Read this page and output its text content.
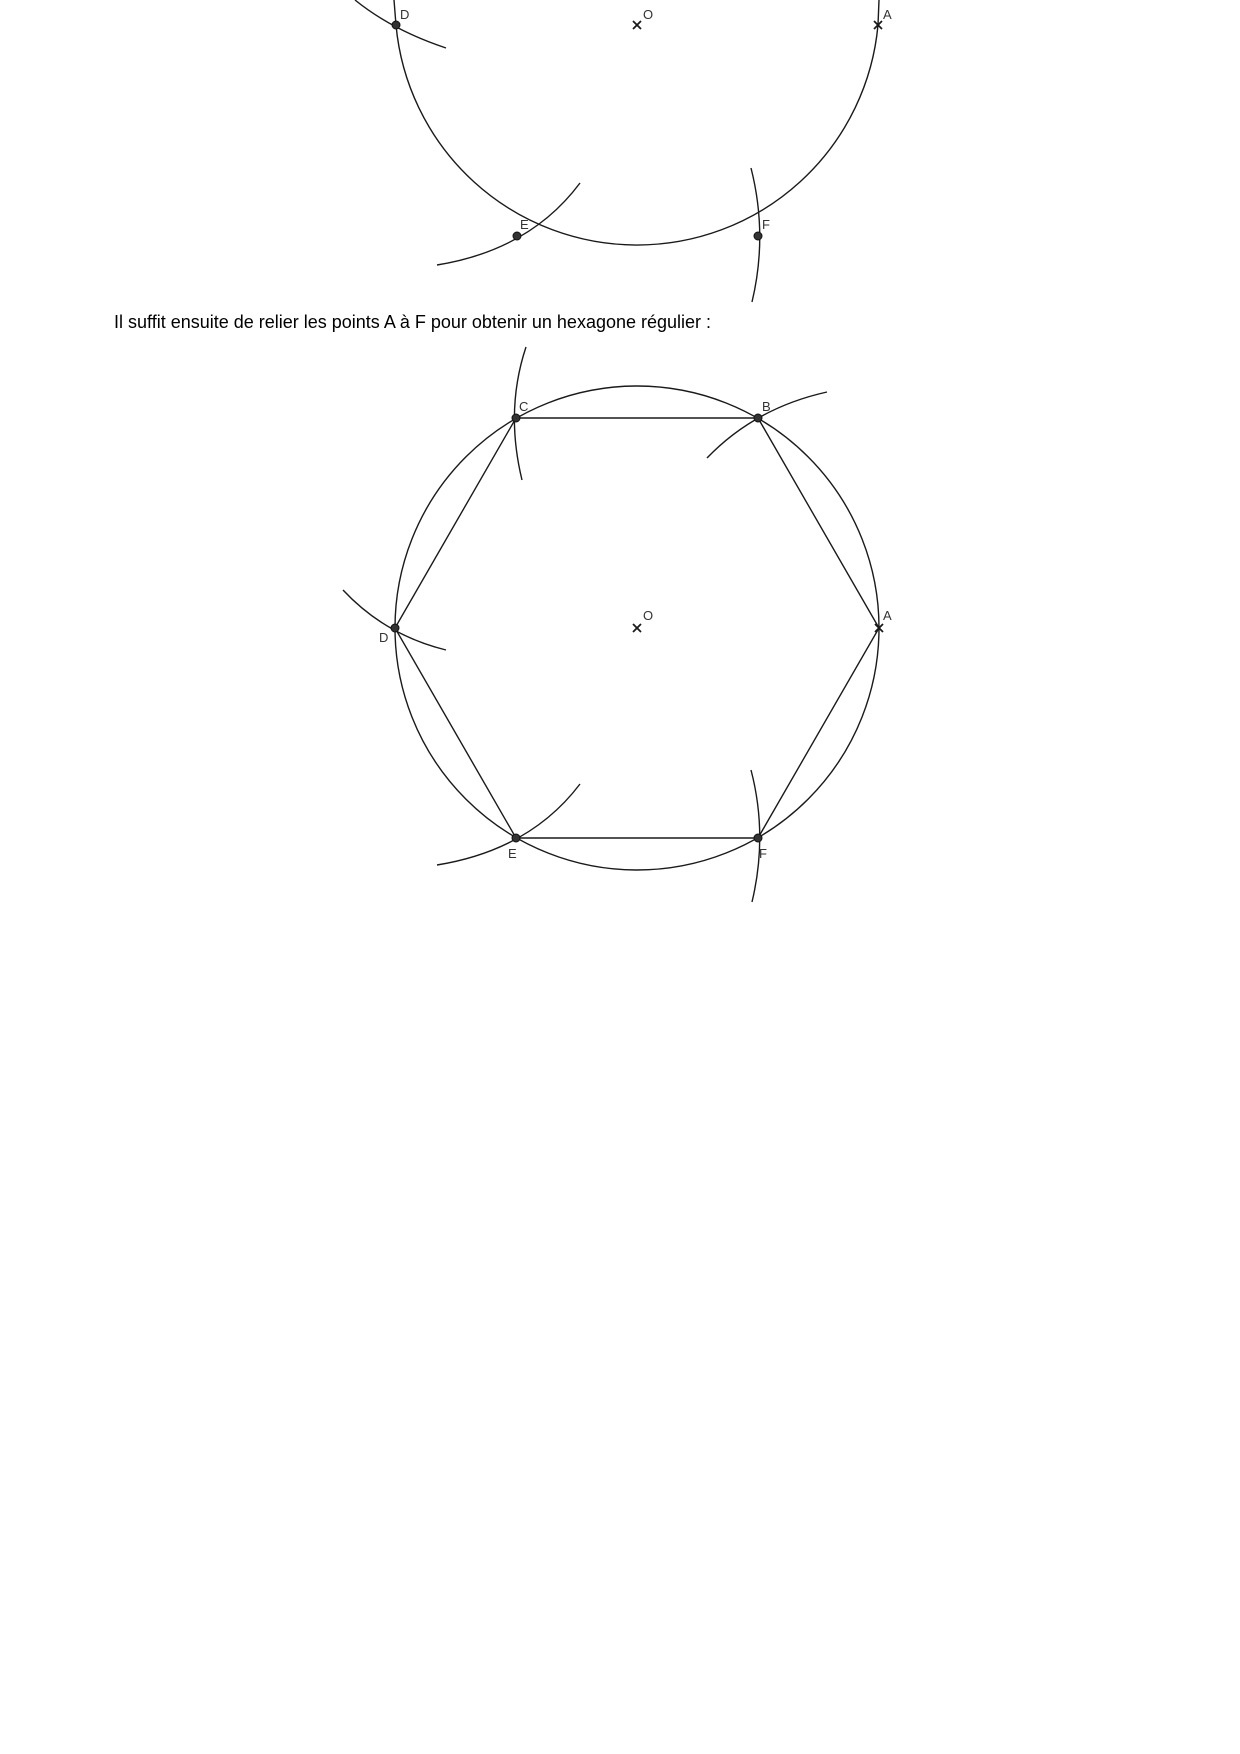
O	A
D
E	F

Il suffit ensuite de relier les points A à F pour obtenir un hexagone régulier :

O	A
B
C
D
E	F
